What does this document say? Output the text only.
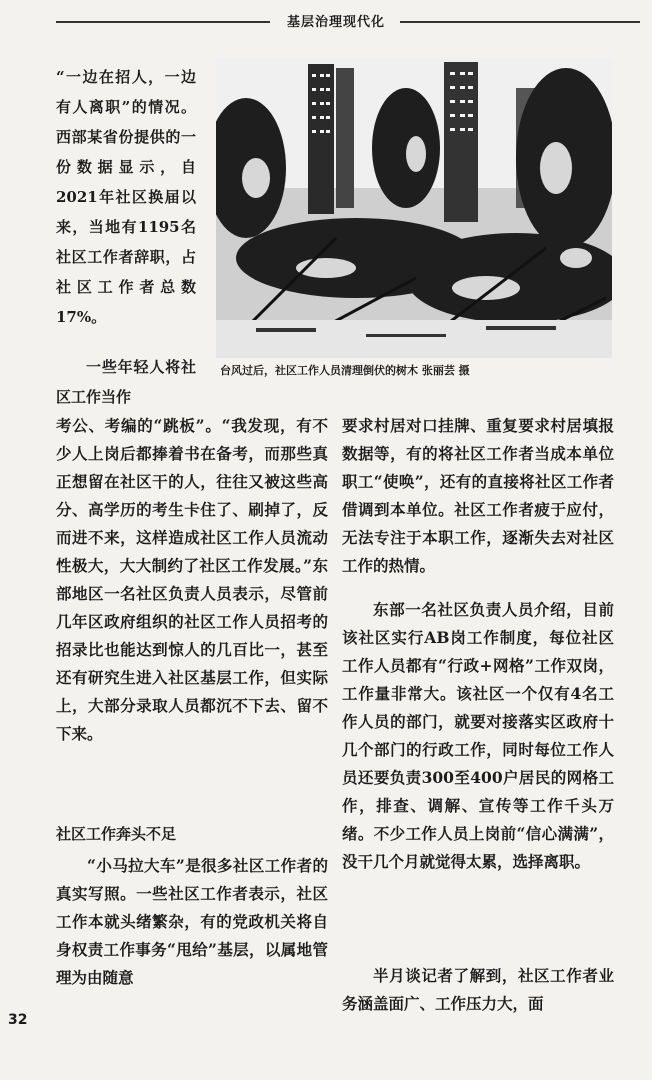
基层治理现代化
台风过后，社区工作人员清理倒伏的树木 张丽芸 摄

“一边在招人，一边有人离职”的情况。西部某省份提供的一份数据显示，自2021年社区换届以来，当地有1195名社区工作者辞职，占社区工作者总数17%。

一些年轻人将社区工作当作

考公、考编的“跳板”。“我发现，有不少人上岗后都捧着书在备考，而那些真正想留在社区干的人，往往又被这些高分、高学历的考生卡住了、刷掉了，反而进不来，这样造成社区工作人员流动性极大，大大制约了社区工作发展。”东部地区一名社区负责人员表示，尽管前几年区政府组织的社区工作人员招考的招录比也能达到惊人的几百比一，甚至还有研究生进入社区基层工作，但实际上，大部分录取人员都沉不下去、留不下来。

社区工作奔头不足

“小马拉大车”是很多社区工作者的真实写照。一些社区工作者表示，社区工作本就头绪繁杂，有的党政机关将自身权责工作事务“甩给”基层，以属地管理为由随意

要求村居对口挂牌、重复要求村居填报数据等，有的将社区工作者当成本单位职工“使唤”，还有的直接将社区工作者借调到本单位。社区工作者疲于应付，无法专注于本职工作，逐渐失去对社区工作的热情。

东部一名社区负责人员介绍，目前该社区实行AB岗工作制度，每位社区工作人员都有“行政+网格”工作双岗，工作量非常大。该社区一个仅有4名工作人员的部门，就要对接落实区政府十几个部门的行政工作，同时每位工作人员还要负责300至400户居民的网格工作，排查、调解、宣传等工作千头万绪。不少工作人员上岗前“信心满满”，没干几个月就觉得太累，选择离职。

半月谈记者了解到，社区工作者业务涵盖面广、工作压力大，面

32
